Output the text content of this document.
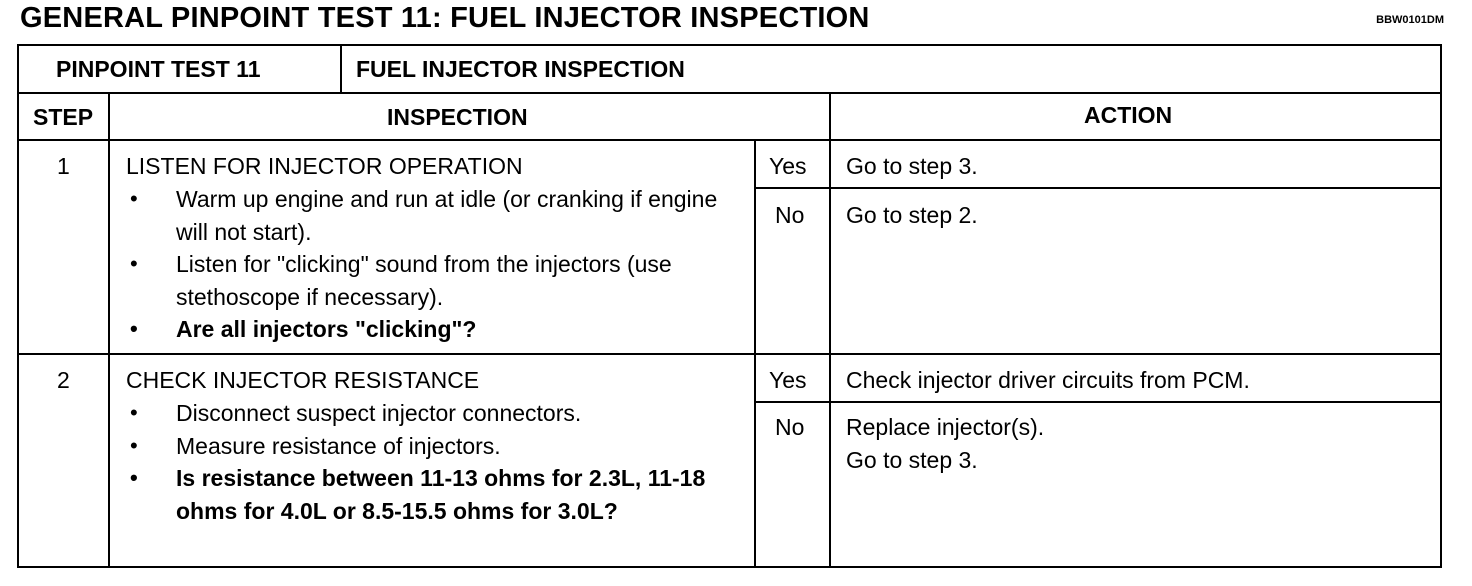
GENERAL PINPOINT TEST 11: FUEL INJECTOR INSPECTION	BBW0101DM
PINPOINT TEST 11	FUEL INJECTOR INSPECTION
STEP	INSPECTION	ACTION
1 LISTEN FOR INJECTOR OPERATION
• Warm up engine and run at idle (or cranking if engine will not start).
• Listen for "clicking" sound from the injectors (use stethoscope if necessary).
• Are all injectors "clicking"?
Yes Go to step 3.
No Go to step 2.
2 CHECK INJECTOR RESISTANCE
• Disconnect suspect injector connectors.
• Measure resistance of injectors.
• Is resistance between 11-13 ohms for 2.3L, 11-18 ohms for 4.0L or 8.5-15.5 ohms for 3.0L?
Yes Check injector driver circuits from PCM.
No Replace injector(s).
Go to step 3.
